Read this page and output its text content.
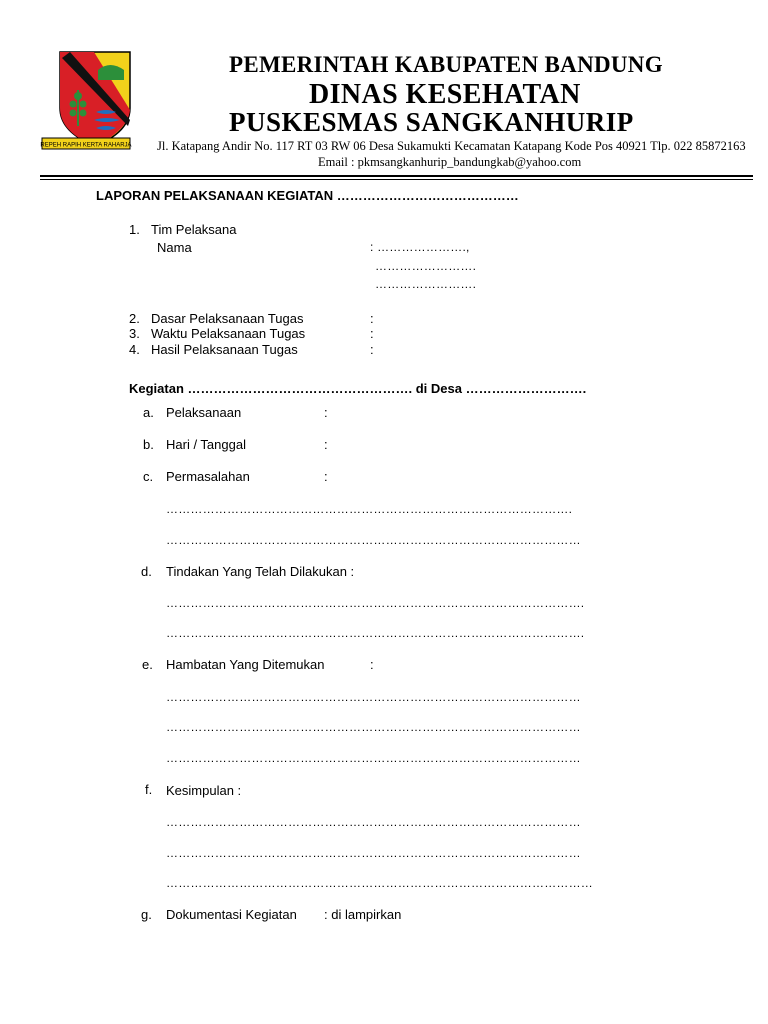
REPEH RAPIH KERTA RAHARJA
PEMERINTAH KABUPATEN BANDUNG
DINAS KESEHATAN
PUSKESMAS SANGKANHURIP
Jl. Katapang Andir No. 117 RT 03 RW 06 Desa Sukamukti Kecamatan Katapang Kode Pos 40921 Tlp. 022 85872163
Email : pkmsangkanhurip_bandungkab@yahoo.com
LAPORAN PELAKSANAAN KEGIATAN ……………………………………
1. Tim Pelaksana
Nama	: ………………….,
…………………….
…………………….
2. Dasar Pelaksanaan Tugas	:
3. Waktu Pelaksanaan Tugas	:
4. Hasil Pelaksanaan Tugas	:
Kegiatan ……………………………………………. di Desa ……………………….
a. Pelaksanaan	:
b. Hari / Tanggal	:
c. Permasalahan	:
……………………………………………………………………………………….
…………………………………………………………………………………………
d. Tindakan Yang Telah Dilakukan :
………………………………………………………………………………………….
………………………………………………………………………………………….
e. Hambatan Yang Ditemukan	:
…………………………………………………………………………………………
…………………………………………………………………………………………
…………………………………………………………………………………………
f. Kesimpulan :
…………………………………………………………………………………………
…………………………………………………………………………………………
……………………………………………………………………………………………
g. Dokumentasi Kegiatan : di lampirkan
